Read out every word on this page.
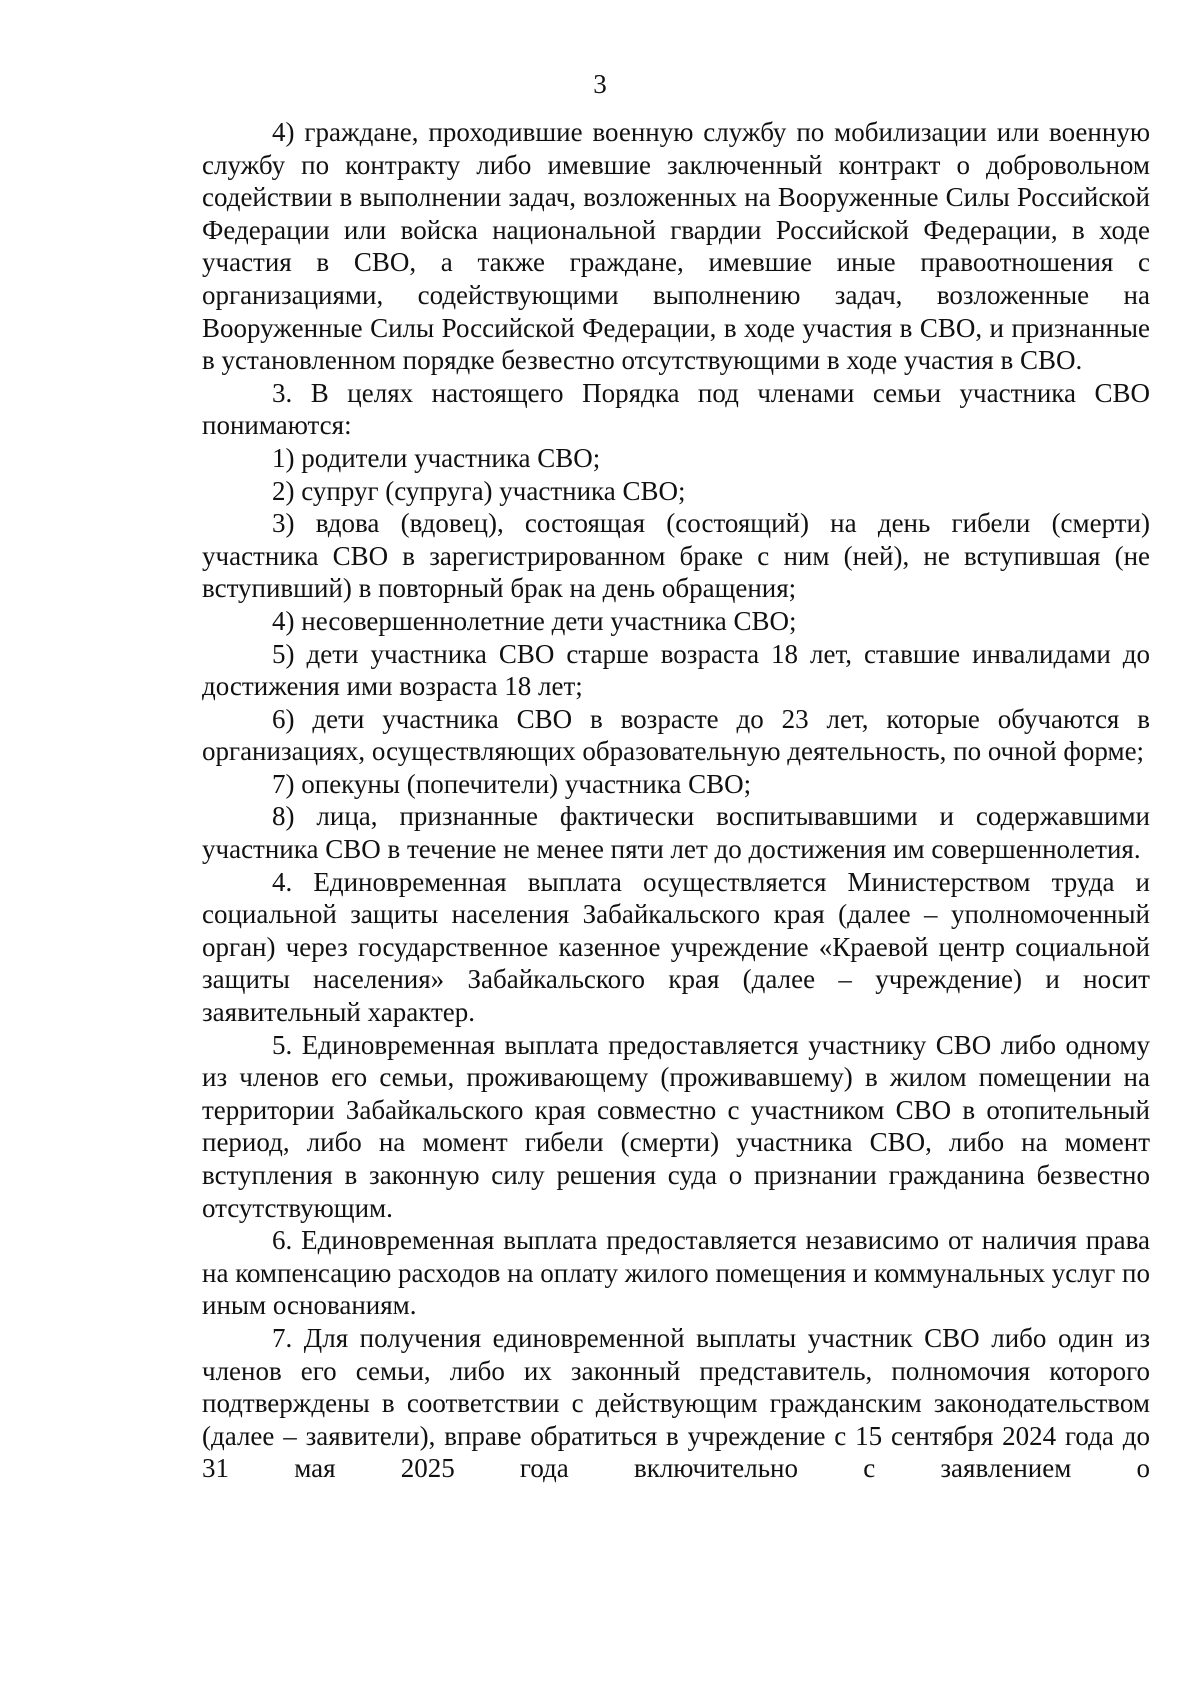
3

4) граждане, проходившие военную службу по мобилизации или военную службу по контракту либо имевшие заключенный контракт о добровольном содействии в выполнении задач, возложенных на Вооруженные Силы Российской Федерации или войска национальной гвардии Российской Федерации, в ходе участия в СВО, а также граждане, имевшие иные правоотношения с организациями, содействующими выполнению задач, возложенные на Вооруженные Силы Российской Федерации, в ходе участия в СВО, и признанные в установленном порядке безвестно отсутствующими в ходе участия в СВО.

3. В целях настоящего Порядка под членами семьи участника СВО понимаются:

1) родители участника СВО;

2) супруг (супруга) участника СВО;

3) вдова (вдовец), состоящая (состоящий) на день гибели (смерти) участника СВО в зарегистрированном браке с ним (ней), не вступившая (не вступивший) в повторный брак на день обращения;

4) несовершеннолетние дети участника СВО;

5) дети участника СВО старше возраста 18 лет, ставшие инвалидами до достижения ими возраста 18 лет;

6) дети участника СВО в возрасте до 23 лет, которые обучаются в организациях, осуществляющих образовательную деятельность, по очной форме;

7) опекуны (попечители) участника СВО;

8) лица, признанные фактически воспитывавшими и содержавшими участника СВО в течение не менее пяти лет до достижения им совершеннолетия.

4. Единовременная выплата осуществляется Министерством труда и социальной защиты населения Забайкальского края (далее – уполномоченный орган) через государственное казенное учреждение «Краевой центр социальной защиты населения» Забайкальского края (далее – учреждение) и носит заявительный характер.

5. Единовременная выплата предоставляется участнику СВО либо одному из членов его семьи, проживающему (проживавшему) в жилом помещении на территории Забайкальского края совместно с участником СВО в отопительный период, либо на момент гибели (смерти) участника СВО, либо на момент вступления в законную силу решения суда о признании гражданина безвестно отсутствующим.

6. Единовременная выплата предоставляется независимо от наличия права на компенсацию расходов на оплату жилого помещения и коммунальных услуг по иным основаниям.

7. Для получения единовременной выплаты участник СВО либо один из членов его семьи, либо их законный представитель, полномочия которого подтверждены в соответствии с действующим гражданским законодательством (далее – заявители), вправе обратиться в учреждение с 15 сентября 2024 года до 31 мая 2025 года включительно с заявлением о
